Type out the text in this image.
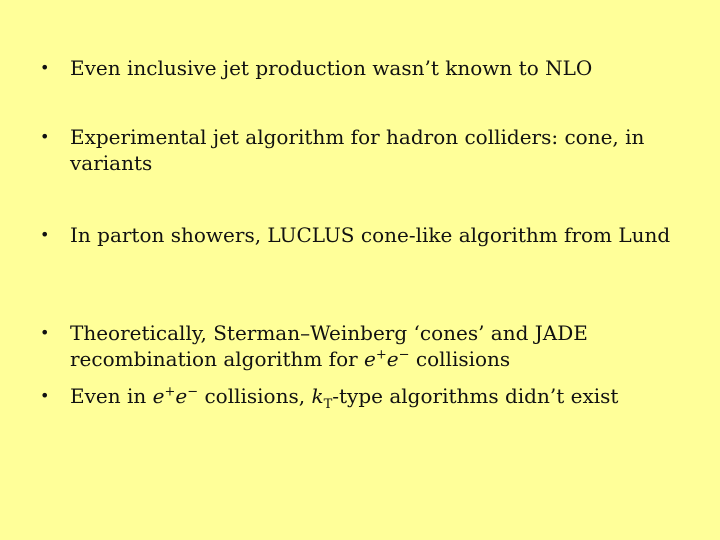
•	Even inclusive jet production wasn’t known to NLO
•	Experimental jet algorithm for hadron colliders: cone, in variants
•	In parton showers, LUCLUS cone-like algorithm from Lund
•	Theoretically, Sterman–Weinberg ‘cones’ and JADE recombination algorithm for e+e− collisions
•	Even in e+e− collisions, $k_T$-type algorithms didn’t exist
